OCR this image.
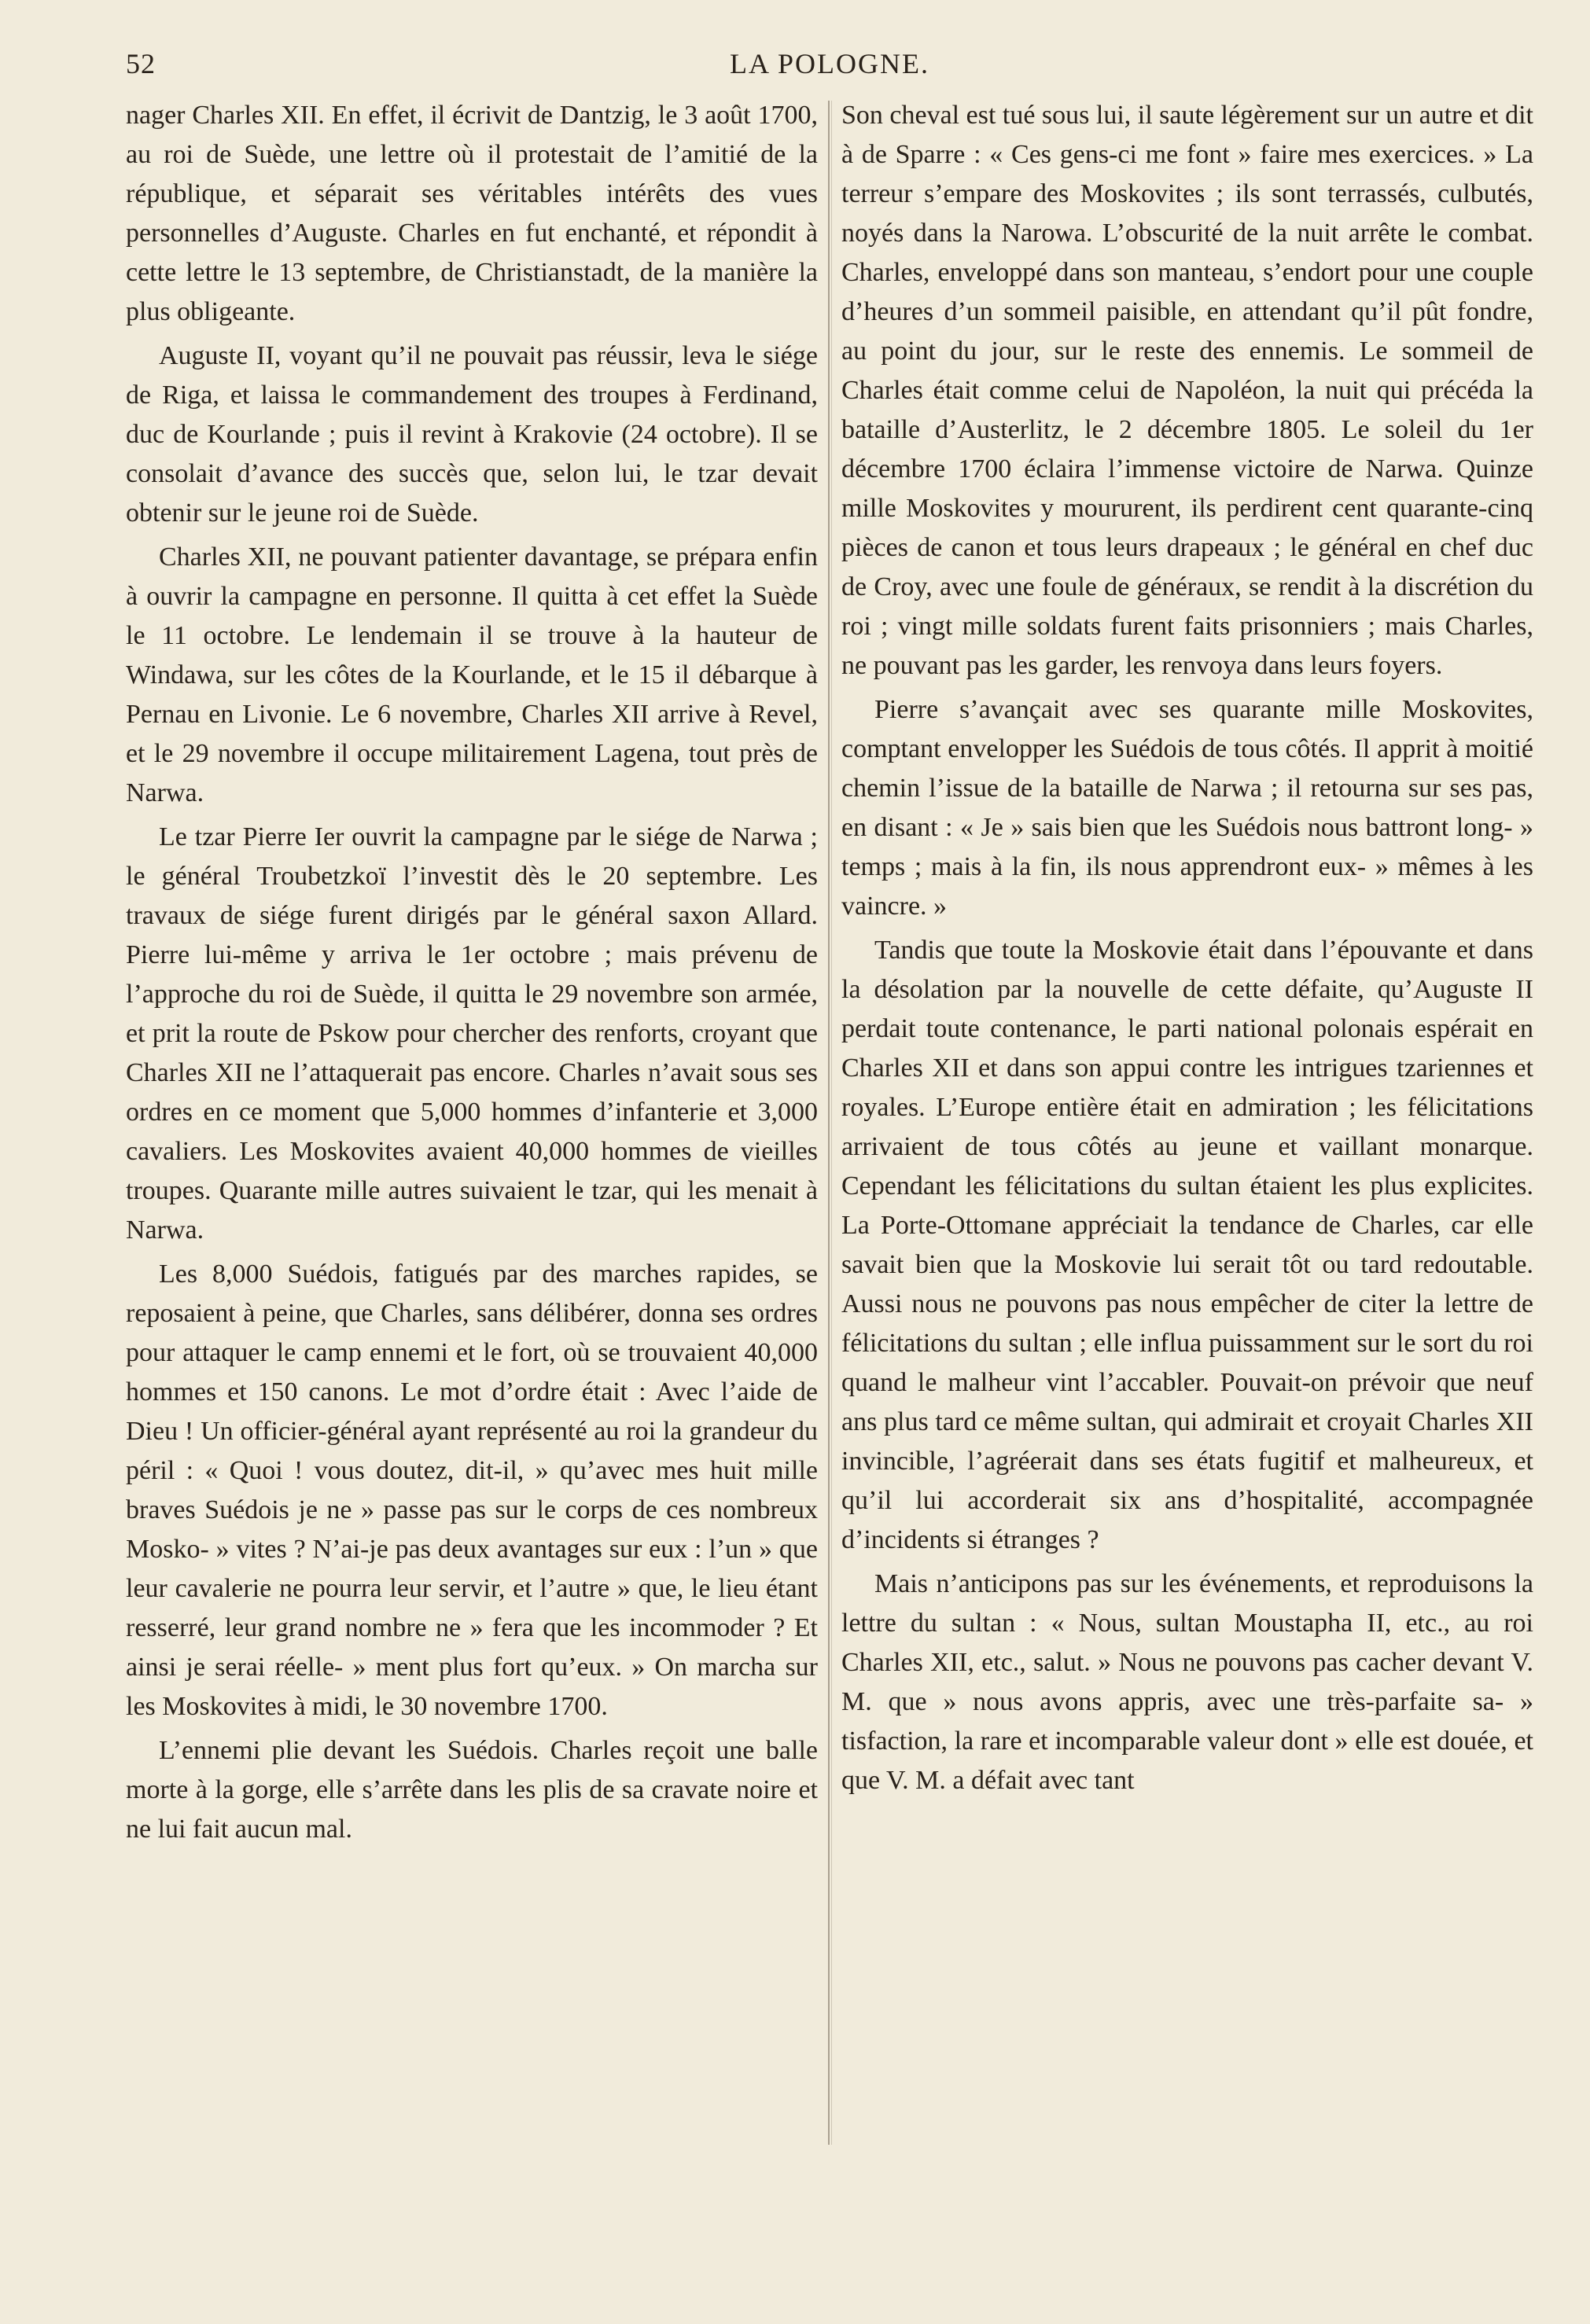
52	LA POLOGNE.

nager Charles XII. En effet, il écrivit de Dantzig, le 3 août 1700, au roi de Suède, une lettre où il protestait de l’amitié de la république, et séparait ses véritables intérêts des vues personnelles d’Auguste. Charles en fut enchanté, et répondit à cette lettre le 13 septembre, de Christianstadt, de la manière la plus obligeante.

Auguste II, voyant qu’il ne pouvait pas réussir, leva le siége de Riga, et laissa le commandement des troupes à Ferdinand, duc de Kourlande ; puis il revint à Krakovie (24 octobre). Il se consolait d’avance des succès que, selon lui, le tzar devait obtenir sur le jeune roi de Suède.

Charles XII, ne pouvant patienter davantage, se prépara enfin à ouvrir la campagne en personne. Il quitta à cet effet la Suède le 11 octobre. Le lendemain il se trouve à la hauteur de Windawa, sur les côtes de la Kourlande, et le 15 il débarque à Pernau en Livonie. Le 6 novembre, Charles XII arrive à Revel, et le 29 novembre il occupe militairement Lagena, tout près de Narwa.

Le tzar Pierre Ier ouvrit la campagne par le siége de Narwa ; le général Troubetzkoï l’investit dès le 20 septembre. Les travaux de siége furent dirigés par le général saxon Allard. Pierre lui-même y arriva le 1er octobre ; mais prévenu de l’approche du roi de Suède, il quitta le 29 novembre son armée, et prit la route de Pskow pour chercher des renforts, croyant que Charles XII ne l’attaquerait pas encore. Charles n’avait sous ses ordres en ce moment que 5,000 hommes d’infanterie et 3,000 cavaliers. Les Moskovites avaient 40,000 hommes de vieilles troupes. Quarante mille autres suivaient le tzar, qui les menait à Narwa.

Les 8,000 Suédois, fatigués par des marches rapides, se reposaient à peine, que Charles, sans délibérer, donna ses ordres pour attaquer le camp ennemi et le fort, où se trouvaient 40,000 hommes et 150 canons. Le mot d’ordre était : Avec l’aide de Dieu ! Un officier-général ayant représenté au roi la grandeur du péril : « Quoi ! vous doutez, dit-il, » qu’avec mes huit mille braves Suédois je ne » passe pas sur le corps de ces nombreux Mosko- » vites ? N’ai-je pas deux avantages sur eux : l’un » que leur cavalerie ne pourra leur servir, et l’autre » que, le lieu étant resserré, leur grand nombre ne » fera que les incommoder ? Et ainsi je serai réelle- » ment plus fort qu’eux. » On marcha sur les Moskovites à midi, le 30 novembre 1700.

L’ennemi plie devant les Suédois. Charles reçoit une balle morte à la gorge, elle s’arrête dans les plis de sa cravate noire et ne lui fait aucun mal.

Son cheval est tué sous lui, il saute légèrement sur un autre et dit à de Sparre : « Ces gens-ci me font » faire mes exercices. » La terreur s’empare des Moskovites ; ils sont terrassés, culbutés, noyés dans la Narowa. L’obscurité de la nuit arrête le combat. Charles, enveloppé dans son manteau, s’endort pour une couple d’heures d’un sommeil paisible, en attendant qu’il pût fondre, au point du jour, sur le reste des ennemis. Le sommeil de Charles était comme celui de Napoléon, la nuit qui précéda la bataille d’Austerlitz, le 2 décembre 1805. Le soleil du 1er décembre 1700 éclaira l’immense victoire de Narwa. Quinze mille Moskovites y moururent, ils perdirent cent quarante-cinq pièces de canon et tous leurs drapeaux ; le général en chef duc de Croy, avec une foule de généraux, se rendit à la discrétion du roi ; vingt mille soldats furent faits prisonniers ; mais Charles, ne pouvant pas les garder, les renvoya dans leurs foyers.

Pierre s’avançait avec ses quarante mille Moskovites, comptant envelopper les Suédois de tous côtés. Il apprit à moitié chemin l’issue de la bataille de Narwa ; il retourna sur ses pas, en disant : « Je » sais bien que les Suédois nous battront long- » temps ; mais à la fin, ils nous apprendront eux- » mêmes à les vaincre. »

Tandis que toute la Moskovie était dans l’épouvante et dans la désolation par la nouvelle de cette défaite, qu’Auguste II perdait toute contenance, le parti national polonais espérait en Charles XII et dans son appui contre les intrigues tzariennes et royales. L’Europe entière était en admiration ; les félicitations arrivaient de tous côtés au jeune et vaillant monarque. Cependant les félicitations du sultan étaient les plus explicites. La Porte-Ottomane appréciait la tendance de Charles, car elle savait bien que la Moskovie lui serait tôt ou tard redoutable. Aussi nous ne pouvons pas nous empêcher de citer la lettre de félicitations du sultan ; elle influa puissamment sur le sort du roi quand le malheur vint l’accabler. Pouvait-on prévoir que neuf ans plus tard ce même sultan, qui admirait et croyait Charles XII invincible, l’agréerait dans ses états fugitif et malheureux, et qu’il lui accorderait six ans d’hospitalité, accompagnée d’incidents si étranges ?

Mais n’anticipons pas sur les événements, et reproduisons la lettre du sultan : « Nous, sultan Moustapha II, etc., au roi Charles XII, etc., salut. » Nous ne pouvons pas cacher devant V. M. que » nous avons appris, avec une très-parfaite sa- » tisfaction, la rare et incomparable valeur dont » elle est douée, et que V. M. a défait avec tant
